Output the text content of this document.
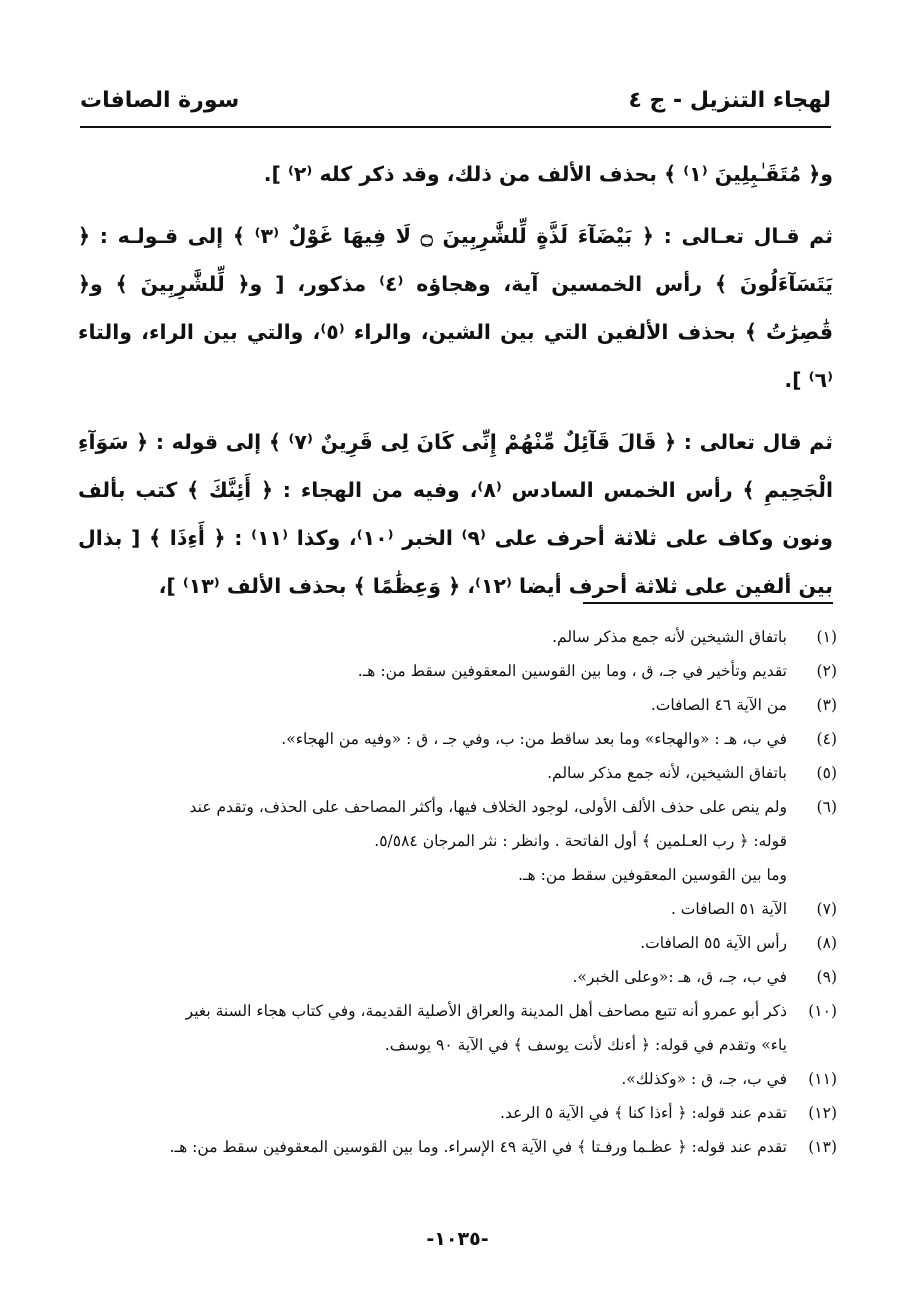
لهجاء التنزيل - ج ٤
سورة الصافات

و﴿ مُتَقَـٰبِلِينَ ⁽١⁾ ﴾ بحذف الألف من ذلك، وقد ذكر كله ⁽٢⁾ ].

ثم قـال تعـالى : ﴿ بَيْضَآءَ لَذَّةٍ لِّلشَّٰرِبِينَ ۝ لَا فِيهَا غَوْلٌ ⁽٣⁾ ﴾ إلى قـولـه : ﴿ يَتَسَآءَلُونَ ﴾ رأس الخمسين آية، وهجاؤه ⁽٤⁾ مذكور، [ و﴿ لِّلشَّٰرِبِينَ ﴾ و﴿ قَٰصِرَٰتُ ﴾ بحذف الألفين التي بين الشين، والراء ⁽٥⁾، والتي بين الراء، والتاء ⁽٦⁾ ].

ثم قال تعالى : ﴿ قَالَ قَآئِلٌ مِّنْهُمْ إِنِّى كَانَ لِى قَرِينٌ ⁽٧⁾ ﴾ إلى قوله : ﴿ سَوَآءِ الْجَحِيمِ ﴾ رأس الخمس السادس ⁽٨⁾، وفيه من الهجاء : ﴿ أَئِنَّكَ ﴾ كتب بألف ونون وكاف على ثلاثة أحرف على ⁽٩⁾ الخبر ⁽١٠⁾، وكذا ⁽١١⁾ : ﴿ أَءِذَا ﴾ [ بذال بين ألفين على ثلاثة أحرف أيضا ⁽١٢⁾، ﴿ وَعِظَٰمًا ﴾ بحذف الألف ⁽١٣⁾ ]،

(١)
باتفاق الشيخين لأنه جمع مذكر سالم.
(٢)
تقديم وتأخير في جـ، ق ، وما بين القوسين المعقوفين سقط من: هـ.
(٣)
من الآية ٤٦ الصافات.
(٤)
في ب، هـ : «والهجاء» وما بعد ساقط من: ب، وفي جـ ، ق : «وفيه من الهجاء».
(٥)
باتفاق الشيخين، لأنه جمع مذكر سالم.
(٦)
ولم ينص على حذف الألف الأولى، لوجود الخلاف فيها، وأكثر المصاحف على الحذف، وتقدم عند
قوله: ﴿ رب العـلمين ﴾ أول الفاتحة . وانظر : نثر المرجان ٥/٥٨٤.
وما بين القوسين المعقوفين سقط من: هـ.
(٧)
الآية ٥١ الصافات .
(٨)
رأس الآية ٥٥ الصافات.
(٩)
في ب، جـ، ق، هـ :«وعلى الخبر».
(١٠)
ذكر أبو عمرو أنه تتبع مصاحف أهل المدينة والعراق الأصلية القديمة، وفي كتاب هجاء السنة بغير
ياء» وتقدم في قوله: ﴿ أءنك لأنت يوسف ﴾ في الآية ٩٠ يوسف.
(١١)
في ب، جـ، ق : «وكذلك».
(١٢)
تقدم عند قوله: ﴿ أءذا كنا ﴾ في الآية ٥ الرعد.
(١٣)
تقدم عند قوله: ﴿ عظـما ورفـتا ﴾ في الآية ٤٩ الإسراء. وما بين القوسين المعقوفين سقط من: هـ.
-١٠٣٥-
